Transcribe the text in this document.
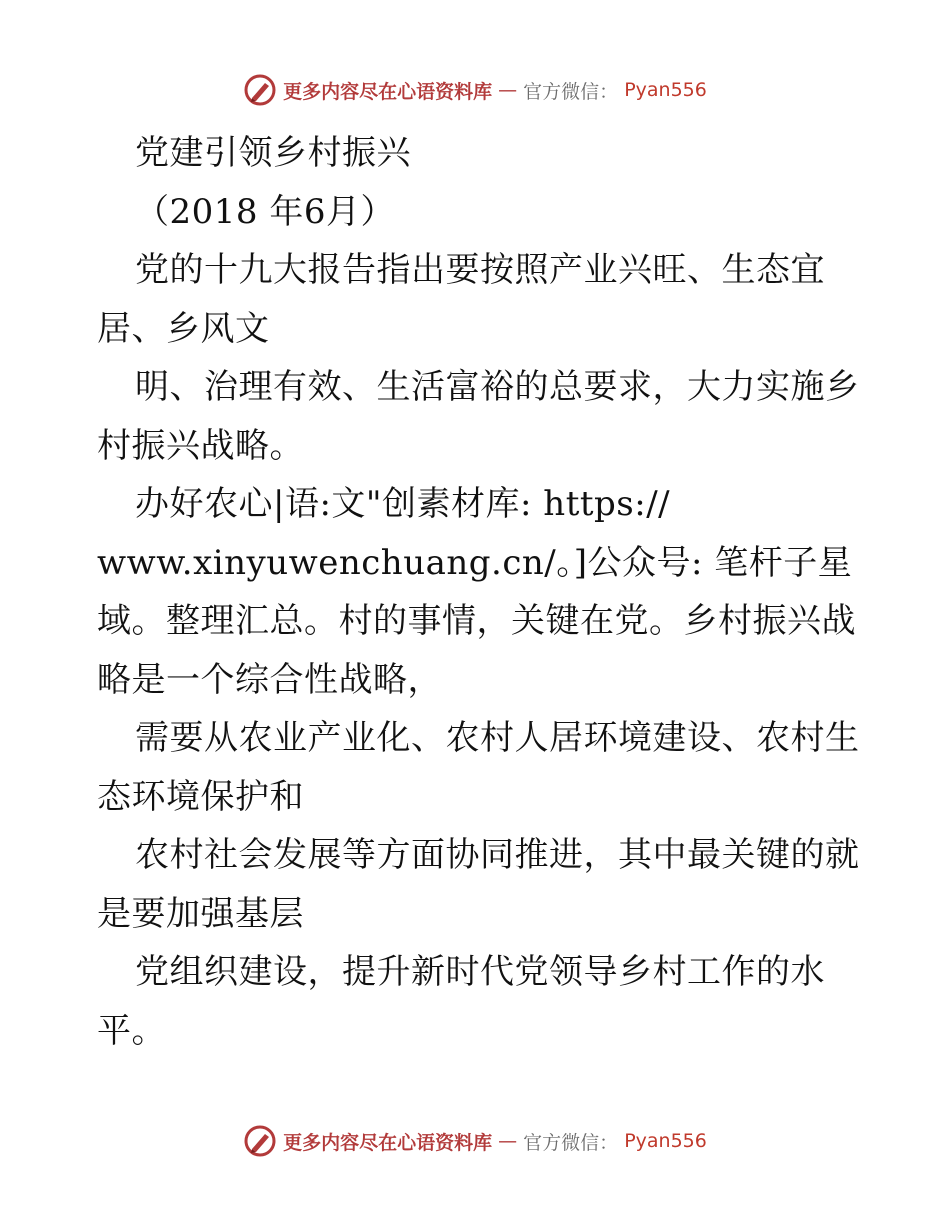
更多内容尽在心语资料库 — 官方微信： Pyan556
党建引领乡村振兴
（2018 年6月）
党的十九大报告指出要按照产业兴旺、生态宜
居、乡风文
明、治理有效、生活富裕的总要求，大力实施乡
村振兴战略。
办好农心|语:文"创素材库: https://
www.xinyuwenchuang.cn/。]公众号: 笔杆子星
域。整理汇总。村的事情，关键在党。乡村振兴战
略是一个综合性战略，
需要从农业产业化、农村人居环境建设、农村生
态环境保护和
农村社会发展等方面协同推进，其中最关键的就
是要加强基层
党组织建设，提升新时代党领导乡村工作的水
平。
更多内容尽在心语资料库 — 官方微信： Pyan556
